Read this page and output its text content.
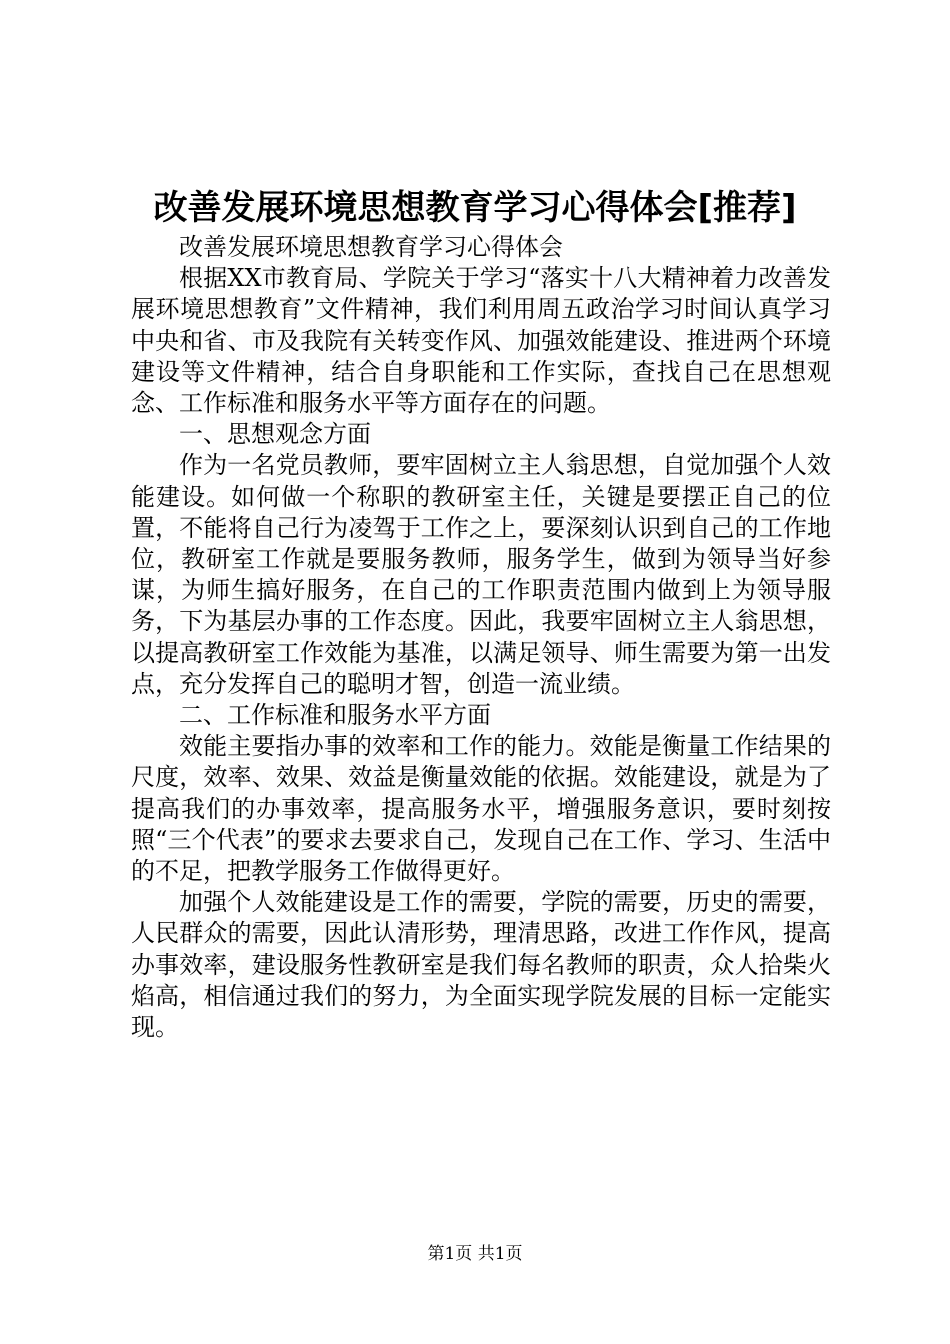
改善发展环境思想教育学习心得体会[推荐]

改善发展环境思想教育学习心得体会

根据XX市教育局、学院关于学习“落实十八大精神着力改善发展环境思想教育”文件精神，我们利用周五政治学习时间认真学习中央和省、市及我院有关转变作风、加强效能建设、推进两个环境建设等文件精神，结合自身职能和工作实际，查找自己在思想观念、工作标准和服务水平等方面存在的问题。

一、思想观念方面

作为一名党员教师，要牢固树立主人翁思想，自觉加强个人效能建设。如何做一个称职的教研室主任，关键是要摆正自己的位置，不能将自己行为凌驾于工作之上，要深刻认识到自己的工作地位，教研室工作就是要服务教师，服务学生，做到为领导当好参谋，为师生搞好服务，在自己的工作职责范围内做到上为领导服务，下为基层办事的工作态度。因此，我要牢固树立主人翁思想，以提高教研室工作效能为基准，以满足领导、师生需要为第一出发点，充分发挥自己的聪明才智，创造一流业绩。

二、工作标准和服务水平方面

效能主要指办事的效率和工作的能力。效能是衡量工作结果的尺度，效率、效果、效益是衡量效能的依据。效能建设，就是为了提高我们的办事效率，提高服务水平，增强服务意识，要时刻按照“三个代表”的要求去要求自己，发现自己在工作、学习、生活中的不足，把教学服务工作做得更好。

加强个人效能建设是工作的需要，学院的需要，历史的需要，人民群众的需要，因此认清形势，理清思路，改进工作作风，提高办事效率，建设服务性教研室是我们每名教师的职责，众人拾柴火焰高，相信通过我们的努力，为全面实现学院发展的目标一定能实现。

第1页 共1页
